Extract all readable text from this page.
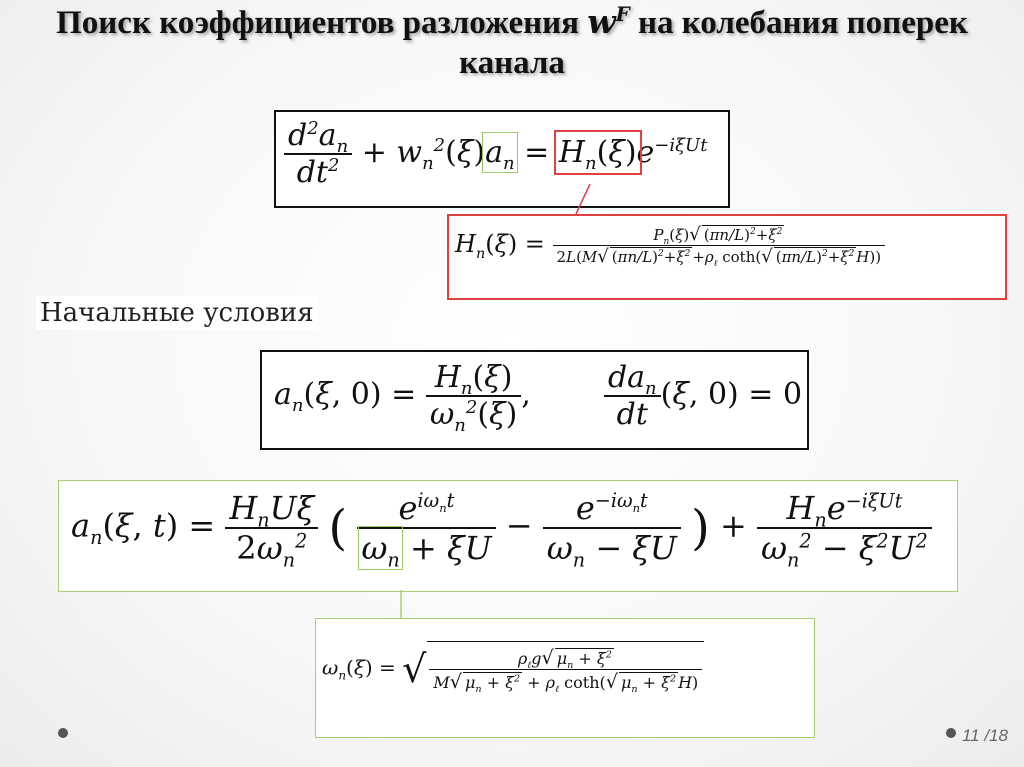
Поиск коэффициентов разложения $w^F$ на колебания поперек
канала
$\frac{d^2a_n}{dt^2} + w_n^2(\xi)a_n = H_n(\xi)e^{-i\xi Ut}$
$H_n(\xi) = \frac{P_n(\xi)√ (\pi n/L)^2+\xi^2}{2L(M√ (\pi n/L)^2+\xi^2 +\rho_\ell \cot h(√ (\pi n/L)^2+\xi^2 H))}$
Начальные условия
$a_n(\xi$, $0) = \frac{H_n(\xi)}{\omega_n^2(\xi)}$ , $\frac{da_n}{dt} (\xi$, 0) = 0
$a_n(\xi$, $t) = \frac{H_nU\xi}{2\omega_n^2}$ ( $\frac{e^{i\omega_nt}}{\omega_n + \xi U} - \frac{e^{-i\omega_nt}}{\omega_n - \xi U}$ ) + $\frac{H_ne^{-i\xi Ut}}{\omega_n^2 - \xi^2U^2}$
$\omega_n(\xi)$ = √ $\frac{\rho_\ell g√ \mu_n + \xi^2}{M√ \mu_n + \xi^2 + \rho_\ell \cot h(√ \mu_n + \xi^2 H)}$
11 /18
